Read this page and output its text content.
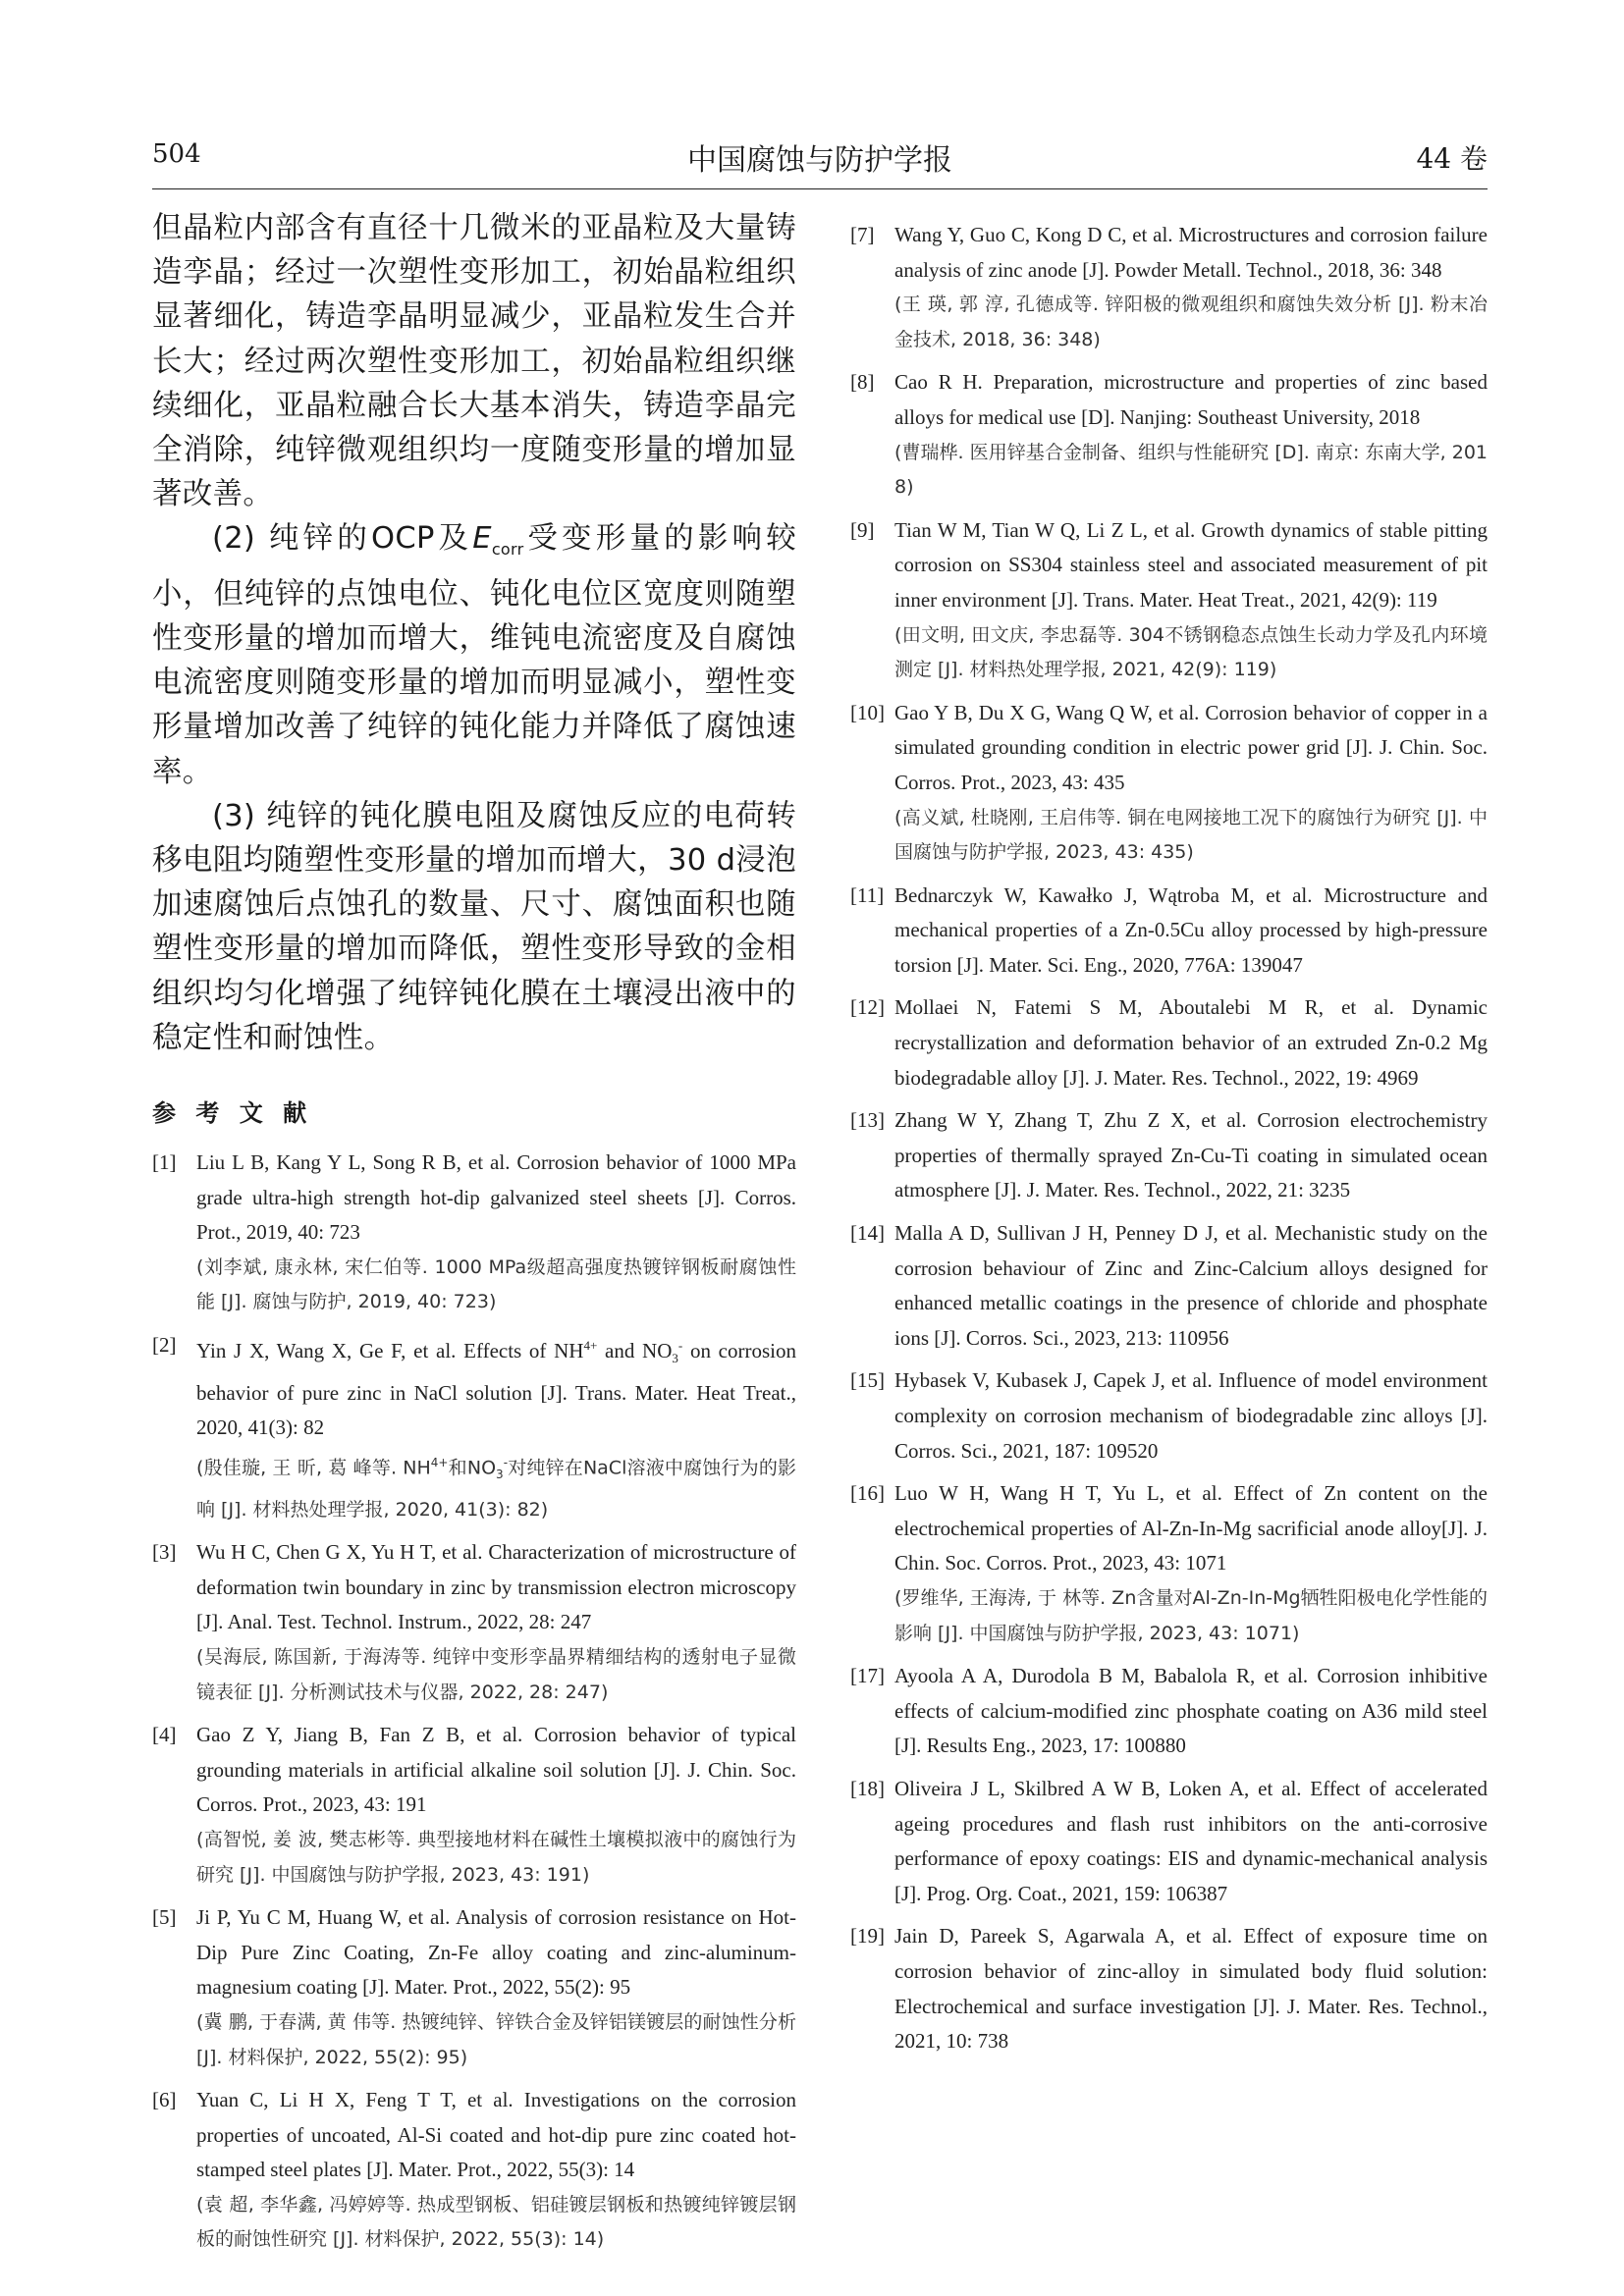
504	中国腐蚀与防护学报	44 卷

但晶粒内部含有直径十几微米的亚晶粒及大量铸造孪晶；经过一次塑性变形加工，初始晶粒组织显著细化，铸造孪晶明显减少，亚晶粒发生合并长大；经过两次塑性变形加工，初始晶粒组织继续细化，亚晶粒融合长大基本消失，铸造孪晶完全消除，纯锌微观组织均一度随变形量的增加显著改善。

(2) 纯锌的OCP及$E_{corr}$受变形量的影响较小，但纯锌的点蚀电位、钝化电位区宽度则随塑性变形量的增加而增大，维钝电流密度及自腐蚀电流密度则随变形量的增加而明显减小，塑性变形量增加改善了纯锌的钝化能力并降低了腐蚀速率。

(3) 纯锌的钝化膜电阻及腐蚀反应的电荷转移电阻均随塑性变形量的增加而增大，30 d浸泡加速腐蚀后点蚀孔的数量、尺寸、腐蚀面积也随塑性变形量的增加而降低，塑性变形导致的金相组织均匀化增强了纯锌钝化膜在土壤浸出液中的稳定性和耐蚀性。

参 考 文 献
[1] Liu L B, Kang Y L, Song R B, et al. Corrosion behavior of 1000 MPa grade ultra-high strength hot-dip galvanized steel sheets [J]. Corros. Prot., 2019, 40: 723
(刘李斌, 康永林, 宋仁伯等. 1000 MPa级超高强度热镀锌钢板耐腐蚀性能 [J]. 腐蚀与防护, 2019, 40: 723)
[2] Yin J X, Wang X, Ge F, et al. Effects of $NH^{4+}$ and $NO_3^-$ on corrosion behavior of pure zinc in NaCl solution [J]. Trans. Mater. Heat Treat., 2020, 41(3): 82
(殷佳璇, 王 昕, 葛 峰等. $NH^{4+}$和$NO_3^-$对纯锌在NaCl溶液中腐蚀行为的影响 [J]. 材料热处理学报, 2020, 41(3): 82)
[3] Wu H C, Chen G X, Yu H T, et al. Characterization of microstructure of deformation twin boundary in zinc by transmission electron microscopy [J]. Anal. Test. Technol. Instrum., 2022, 28: 247
(吴海辰, 陈国新, 于海涛等. 纯锌中变形孪晶界精细结构的透射电子显微镜表征 [J]. 分析测试技术与仪器, 2022, 28: 247)
[4] Gao Z Y, Jiang B, Fan Z B, et al. Corrosion behavior of typical grounding materials in artificial alkaline soil solution [J]. J. Chin. Soc. Corros. Prot., 2023, 43: 191
(高智悦, 姜 波, 樊志彬等. 典型接地材料在碱性土壤模拟液中的腐蚀行为研究 [J]. 中国腐蚀与防护学报, 2023, 43: 191)
[5] Ji P, Yu C M, Huang W, et al. Analysis of corrosion resistance on Hot-Dip Pure Zinc Coating, Zn-Fe alloy coating and zinc-aluminum-magnesium coating [J]. Mater. Prot., 2022, 55(2): 95
(冀 鹏, 于春满, 黄 伟等. 热镀纯锌、锌铁合金及锌铝镁镀层的耐蚀性分析 [J]. 材料保护, 2022, 55(2): 95)
[6] Yuan C, Li H X, Feng T T, et al. Investigations on the corrosion properties of uncoated, Al-Si coated and hot-dip pure zinc coated hot-stamped steel plates [J]. Mater. Prot., 2022, 55(3): 14
(袁 超, 李华鑫, 冯婷婷等. 热成型钢板、铝硅镀层钢板和热镀纯锌镀层钢板的耐蚀性研究 [J]. 材料保护, 2022, 55(3): 14)
[7] Wang Y, Guo C, Kong D C, et al. Microstructures and corrosion failure analysis of zinc anode [J]. Powder Metall. Technol., 2018, 36: 348
(王 瑛, 郭 淳, 孔德成等. 锌阳极的微观组织和腐蚀失效分析 [J]. 粉末冶金技术, 2018, 36: 348)
[8] Cao R H. Preparation, microstructure and properties of zinc based alloys for medical use [D]. Nanjing: Southeast University, 2018
(曹瑞桦. 医用锌基合金制备、组织与性能研究 [D]. 南京: 东南大学, 2018)
[9] Tian W M, Tian W Q, Li Z L, et al. Growth dynamics of stable pitting corrosion on SS304 stainless steel and associated measurement of pit inner environment [J]. Trans. Mater. Heat Treat., 2021, 42(9): 119
(田文明, 田文庆, 李忠磊等. 304不锈钢稳态点蚀生长动力学及孔内环境测定 [J]. 材料热处理学报, 2021, 42(9): 119)
[10] Gao Y B, Du X G, Wang Q W, et al. Corrosion behavior of copper in a simulated grounding condition in electric power grid [J]. J. Chin. Soc. Corros. Prot., 2023, 43: 435
(高义斌, 杜晓刚, 王启伟等. 铜在电网接地工况下的腐蚀行为研究 [J]. 中国腐蚀与防护学报, 2023, 43: 435)
[11] Bednarczyk W, Kawałko J, Wątroba M, et al. Microstructure and mechanical properties of a Zn-0.5Cu alloy processed by high-pressure torsion [J]. Mater. Sci. Eng., 2020, 776A: 139047
[12] Mollaei N, Fatemi S M, Aboutalebi M R, et al. Dynamic recrystallization and deformation behavior of an extruded Zn-0.2 Mg biodegradable alloy [J]. J. Mater. Res. Technol., 2022, 19: 4969
[13] Zhang W Y, Zhang T, Zhu Z X, et al. Corrosion electrochemistry properties of thermally sprayed Zn-Cu-Ti coating in simulated ocean atmosphere [J]. J. Mater. Res. Technol., 2022, 21: 3235
[14] Malla A D, Sullivan J H, Penney D J, et al. Mechanistic study on the corrosion behaviour of Zinc and Zinc-Calcium alloys designed for enhanced metallic coatings in the presence of chloride and phosphate ions [J]. Corros. Sci., 2023, 213: 110956
[15] Hybasek V, Kubasek J, Capek J, et al. Influence of model environment complexity on corrosion mechanism of biodegradable zinc alloys [J]. Corros. Sci., 2021, 187: 109520
[16] Luo W H, Wang H T, Yu L, et al. Effect of Zn content on the electrochemical properties of Al-Zn-In-Mg sacrificial anode alloy[J]. J. Chin. Soc. Corros. Prot., 2023, 43: 1071
(罗维华, 王海涛, 于 林等. Zn含量对Al-Zn-In-Mg牺牲阳极电化学性能的影响 [J]. 中国腐蚀与防护学报, 2023, 43: 1071)
[17] Ayoola A A, Durodola B M, Babalola R, et al. Corrosion inhibitive effects of calcium-modified zinc phosphate coating on A36 mild steel [J]. Results Eng., 2023, 17: 100880
[18] Oliveira J L, Skilbred A W B, Loken A, et al. Effect of accelerated ageing procedures and flash rust inhibitors on the anti-corrosive performance of epoxy coatings: EIS and dynamic-mechanical analysis [J]. Prog. Org. Coat., 2021, 159: 106387
[19] Jain D, Pareek S, Agarwala A, et al. Effect of exposure time on corrosion behavior of zinc-alloy in simulated body fluid solution: Electrochemical and surface investigation [J]. J. Mater. Res. Technol., 2021, 10: 738
